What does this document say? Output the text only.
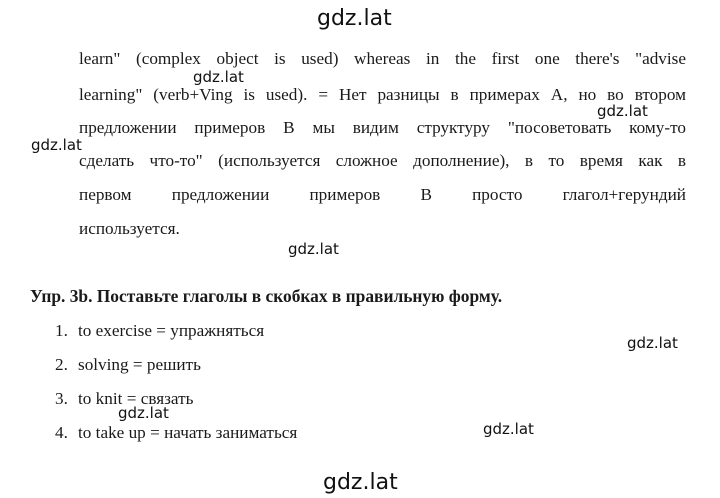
learn" (complex object is used) whereas in the first one there's "advise
learning" (verb+Ving is used). = Нет разницы в примерах А, но во втором
предложении примеров В мы видим структуру "посоветовать кому-то
сделать что-то" (используется сложное дополнение), в то время как в
первом предложении примеров В просто глагол+герундий
используется.
Упр. 3b. Поставьте глаголы в скобках в правильную форму.
1. to exercise = упражняться
2. solving = решить
3. to knit = связать
4. to take up = начать заниматься
gdz.lat
gdz.lat
gdz.lat
gdz.lat
gdz.lat
gdz.lat
gdz.lat
gdz.lat
gdz.lat
